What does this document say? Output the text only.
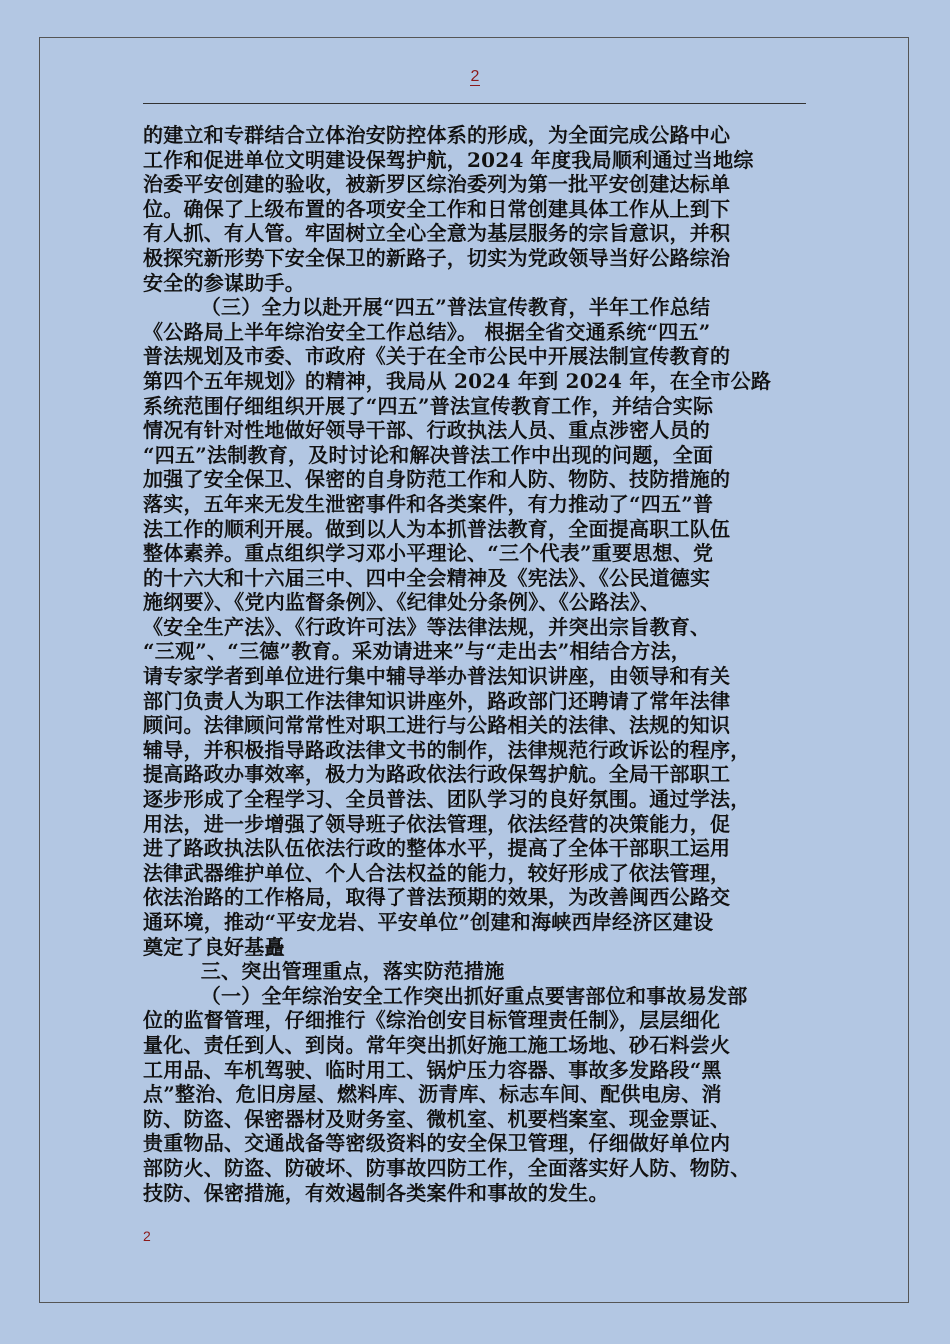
2

的建立和专群结合立体治安防控体系的形成，为全面完成公路中心

工作和促进单位文明建设保驾护航，2024 年度我局顺利通过当地综

治委平安创建的验收，被新罗区综治委列为第一批平安创建达标单

位。确保了上级布置的各项安全工作和日常创建具体工作从上到下

有人抓、有人管。牢固树立全心全意为基层服务的宗旨意识，并积

极探究新形势下安全保卫的新路子，切实为党政领导当好公路综治

安全的参谋助手。

（三）全力以赴开展“四五”普法宣传教育，半年工作总结

《公路局上半年综治安全工作总结》。 根据全省交通系统“四五”

普法规划及市委、市政府《关于在全市公民中开展法制宣传教育的

第四个五年规划》的精神，我局从 2024 年到 2024 年，在全市公路

系统范围仔细组织开展了“四五”普法宣传教育工作，并结合实际

情况有针对性地做好领导干部、行政执法人员、重点涉密人员的

“四五”法制教育，及时讨论和解决普法工作中出现的问题，全面

加强了安全保卫、保密的自身防范工作和人防、物防、技防措施的

落实，五年来无发生泄密事件和各类案件，有力推动了“四五”普

法工作的顺利开展。做到以人为本抓普法教育，全面提高职工队伍

整体素养。重点组织学习邓小平理论、“三个代表”重要思想、党

的十六大和十六届三中、四中全会精神及《宪法》、《公民道德实

施纲要》、《党内监督条例》、《纪律处分条例》、《公路法》、

《安全生产法》、《行政许可法》等法律法规，并突出宗旨教育、

“三观”、“三德”教育。采劝请进来”与“走出去”相结合方法，

请专家学者到单位进行集中辅导举办普法知识讲座，由领导和有关

部门负责人为职工作法律知识讲座外，路政部门还聘请了常年法律

顾问。法律顾问常常性对职工进行与公路相关的法律、法规的知识

辅导，并积极指导路政法律文书的制作，法律规范行政诉讼的程序，

提高路政办事效率，极力为路政依法行政保驾护航。全局干部职工

逐步形成了全程学习、全员普法、团队学习的良好氛围。通过学法，

用法，进一步增强了领导班子依法管理，依法经营的决策能力，促

进了路政执法队伍依法行政的整体水平，提高了全体干部职工运用

法律武器维护单位、个人合法权益的能力，较好形成了依法管理，

依法治路的工作格局，取得了普法预期的效果，为改善闽西公路交

通环境，推动“平安龙岩、平安单位”创建和海峡西岸经济区建设

奠定了良好基矗

三、突出管理重点，落实防范措施

（一）全年综治安全工作突出抓好重点要害部位和事故易发部

位的监督管理，仔细推行《综治创安目标管理责任制》，层层细化

量化、责任到人、到岗。常年突出抓好施工施工场地、砂石料尝火

工用品、车机驾驶、临时用工、锅炉压力容器、事故多发路段“黑

点”整治、危旧房屋、燃料库、沥青库、标志车间、配供电房、消

防、防盗、保密器材及财务室、微机室、机要档案室、现金票证、

贵重物品、交通战备等密级资料的安全保卫管理，仔细做好单位内

部防火、防盗、防破坏、防事故四防工作，全面落实好人防、物防、

技防、保密措施，有效遏制各类案件和事故的发生。

2
